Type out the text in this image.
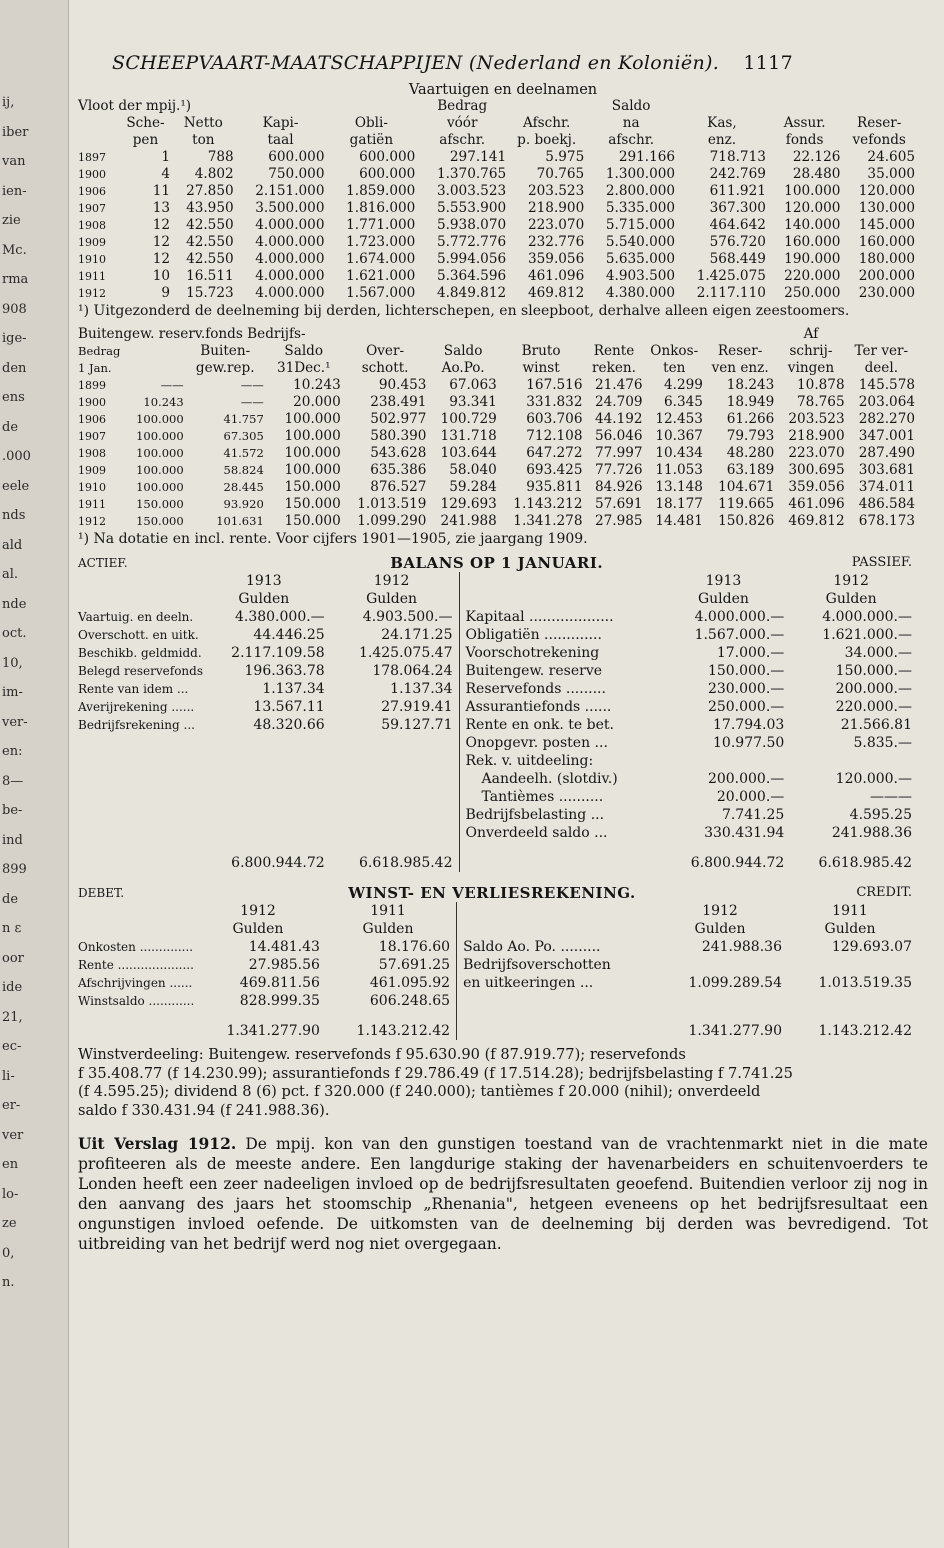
ij,
iber
van
ien-
zie
Mc.
rma
908
ige-
den
ens
de
.000
eele
nds
ald
al.
nde
oct.
10,
im-
ver-
en:
8—
be-
ind
899
de
n ε
oor
ide
21,
ec-
li-
er-
ver
en
lo-
ze
0,
n.
SCHEEPVAART-MAATSCHAPPIJEN (Nederland en Koloniën). 1117
Vaartuigen en deelnamen
Vloot der mpij.¹)					Bedrag		Saldo			
	Sche-	Netto	Kapi-	Obli-	vóór	Afschr.	na	Kas,	Assur.	Reser-
	pen	ton	taal	gatiën	afschr.	p. boekj.	afschr.	enz.	fonds	vefonds
1897	1	788	600.000	600.000	297.141	5.975	291.166	718.713	22.126	24.605
1900	4	4.802	750.000	600.000	1.370.765	70.765	1.300.000	242.769	28.480	35.000
1906	11	27.850	2.151.000	1.859.000	3.003.523	203.523	2.800.000	611.921	100.000	120.000
1907	13	43.950	3.500.000	1.816.000	5.553.900	218.900	5.335.000	367.300	120.000	130.000
1908	12	42.550	4.000.000	1.771.000	5.938.070	223.070	5.715.000	464.642	140.000	145.000
1909	12	42.550	4.000.000	1.723.000	5.772.776	232.776	5.540.000	576.720	160.000	160.000
1910	12	42.550	4.000.000	1.674.000	5.994.056	359.056	5.635.000	568.449	190.000	180.000
1911	10	16.511	4.000.000	1.621.000	5.364.596	461.096	4.903.500	1.425.075	220.000	200.000
1912	9	15.723	4.000.000	1.567.000	4.849.812	469.812	4.380.000	2.117.110	250.000	230.000
¹) Uitgezonderd de deelneming bij derden, lichterschepen, en sleepboot, derhalve alleen eigen zeestoomers.
Buitengew. reserv.fonds Bedrijfs-										Af	
Bedrag		Buiten-	Saldo	Over-	Saldo	Bruto	Rente	Onkos-	Reser-	schrij-	Ter ver-
1 Jan.		gew.rep.	31Dec.¹	schott.	Ao.Po.	winst	reken.	ten	ven enz.	vingen	deel.
1899	——	——	10.243	90.453	67.063	167.516	21.476	4.299	18.243	10.878	145.578
1900	10.243	——	20.000	238.491	93.341	331.832	24.709	6.345	18.949	78.765	203.064
1906	100.000	41.757	100.000	502.977	100.729	603.706	44.192	12.453	61.266	203.523	282.270
1907	100.000	67.305	100.000	580.390	131.718	712.108	56.046	10.367	79.793	218.900	347.001
1908	100.000	41.572	100.000	543.628	103.644	647.272	77.997	10.434	48.280	223.070	287.490
1909	100.000	58.824	100.000	635.386	58.040	693.425	77.726	11.053	63.189	300.695	303.681
1910	100.000	28.445	150.000	876.527	59.284	935.811	84.926	13.148	104.671	359.056	374.011
1911	150.000	93.920	150.000	1.013.519	129.693	1.143.212	57.691	18.177	119.665	461.096	486.584
1912	150.000	101.631	150.000	1.099.290	241.988	1.341.278	27.985	14.481	150.826	469.812	678.173
¹) Na dotatie en incl. rente. Voor cijfers 1901—1905, zie jaargang 1909.
ACTIEF.	BALANS OP 1 JANUARI.				PASSIEF.
	1913	1912		1913	1912
	Gulden	Gulden		Gulden	Gulden
Vaartuig. en deeln.	4.380.000.—	4.903.500.—	Kapitaal ...................	4.000.000.—	4.000.000.—
Overschott. en uitk.	44.446.25	24.171.25	Obligatiën .............	1.567.000.—	1.621.000.—
Beschikb. geldmidd.	2.117.109.58	1.425.075.47	Voorschotrekening	17.000.—	34.000.—
Belegd reservefonds	196.363.78	178.064.24	Buitengew. reserve	150.000.—	150.000.—
Rente van idem ...	1.137.34	1.137.34	Reservefonds .........	230.000.—	200.000.—
Averijrekening ......	13.567.11	27.919.41	Assurantiefonds ......	250.000.—	220.000.—
Bedrijfsrekening ...	48.320.66	59.127.71	Rente en onk. te bet.	17.794.03	21.566.81
			Onopgevr. posten ...	10.977.50	5.835.—
			Rek. v. uitdeeling:		
			Aandeelh. (slotdiv.)	200.000.—	120.000.—
			Tantièmes ..........	20.000.—	———
			Bedrijfsbelasting ...	7.741.25	4.595.25
			Onverdeeld saldo ...	330.431.94	241.988.36
	6.800.944.72	6.618.985.42		6.800.944.72	6.618.985.42
DEBET.	WINST- EN VERLIESREKENING.				CREDIT.
	1912	1911		1912	1911
	Gulden	Gulden		Gulden	Gulden
Onkosten ..............	14.481.43	18.176.60	Saldo Ao. Po. .........	241.988.36	129.693.07
Rente ....................	27.985.56	57.691.25	Bedrijfsoverschotten		
Afschrijvingen ......	469.811.56	461.095.92	en uitkeeringen ...	1.099.289.54	1.013.519.35
Winstsaldo ............	828.999.35	606.248.65			
	1.341.277.90	1.143.212.42		1.341.277.90	1.143.212.42
Winstverdeeling: Buitengew. reservefonds f 95.630.90 (f 87.919.77); reservefonds
f 35.408.77 (f 14.230.99); assurantiefonds f 29.786.49 (f 17.514.28); bedrijfsbelasting f 7.741.25
(f 4.595.25); dividend 8 (6) pct. f 320.000 (f 240.000); tantièmes f 20.000 (nihil); onverdeeld
saldo f 330.431.94 (f 241.988.36).
Uit Verslag 1912. De mpij. kon van den gunstigen toestand van de vrachtenmarkt niet in die mate profiteeren als de meeste andere. Een langdurige staking der havenarbeiders en schuitenvoerders te Londen heeft een zeer nadeeligen invloed op de bedrijfsresultaten geoefend. Buitendien verloor zij nog in den aanvang des jaars het stoomschip „Rhenania", hetgeen eveneens op het bedrijfsresultaat een ongunstigen invloed oefende. De uitkomsten van de deelneming bij derden was bevredigend. Tot uitbreiding van het bedrijf werd nog niet overgegaan.
